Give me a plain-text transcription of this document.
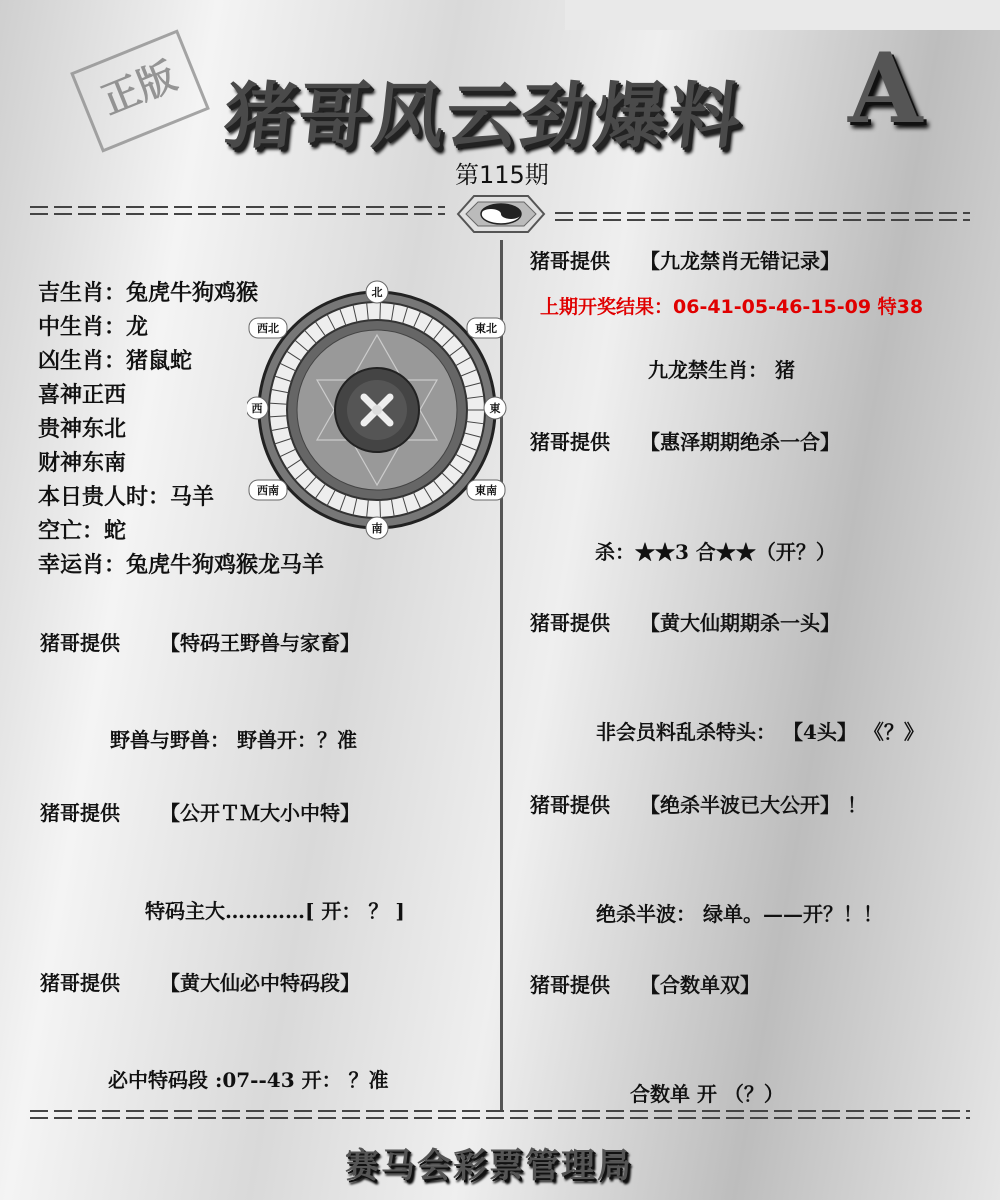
正版 猪哥风云劲爆料 A
第115期
吉生肖：兔虎牛狗鸡猴
中生肖：龙
凶生肖：猪鼠蛇
喜神正西
贵神东北
财神东南
本日贵人时：马羊
空亡：蛇
幸运肖：兔虎牛狗鸡猴龙马羊
北
南
東
西
西北	東北
西南	東南
猪哥提供 【特码王野兽与家畜】
野兽与野兽： 野兽开：？准
猪哥提供 【公开ＴＭ大小中特】
特码主大…………[ 开： ？ ]
猪哥提供 【黄大仙必中特码段】
必中特码段 :07--43 开： ？准
猪哥提供 【九龙禁肖无错记录】
上期开奖结果：06-41-05-46-15-09 特38
九龙禁生肖： 猪
猪哥提供 【惠泽期期绝杀一合】
杀：★★3 合★★（开？）
猪哥提供 【黄大仙期期杀一头】
非会员料乱杀特头： 【4头】 《？》
猪哥提供 【绝杀半波已大公开】 ！
绝杀半波： 绿单。——开？！！
猪哥提供 【合数单双】
合数单 开 （？）
赛马会彩票管理局
